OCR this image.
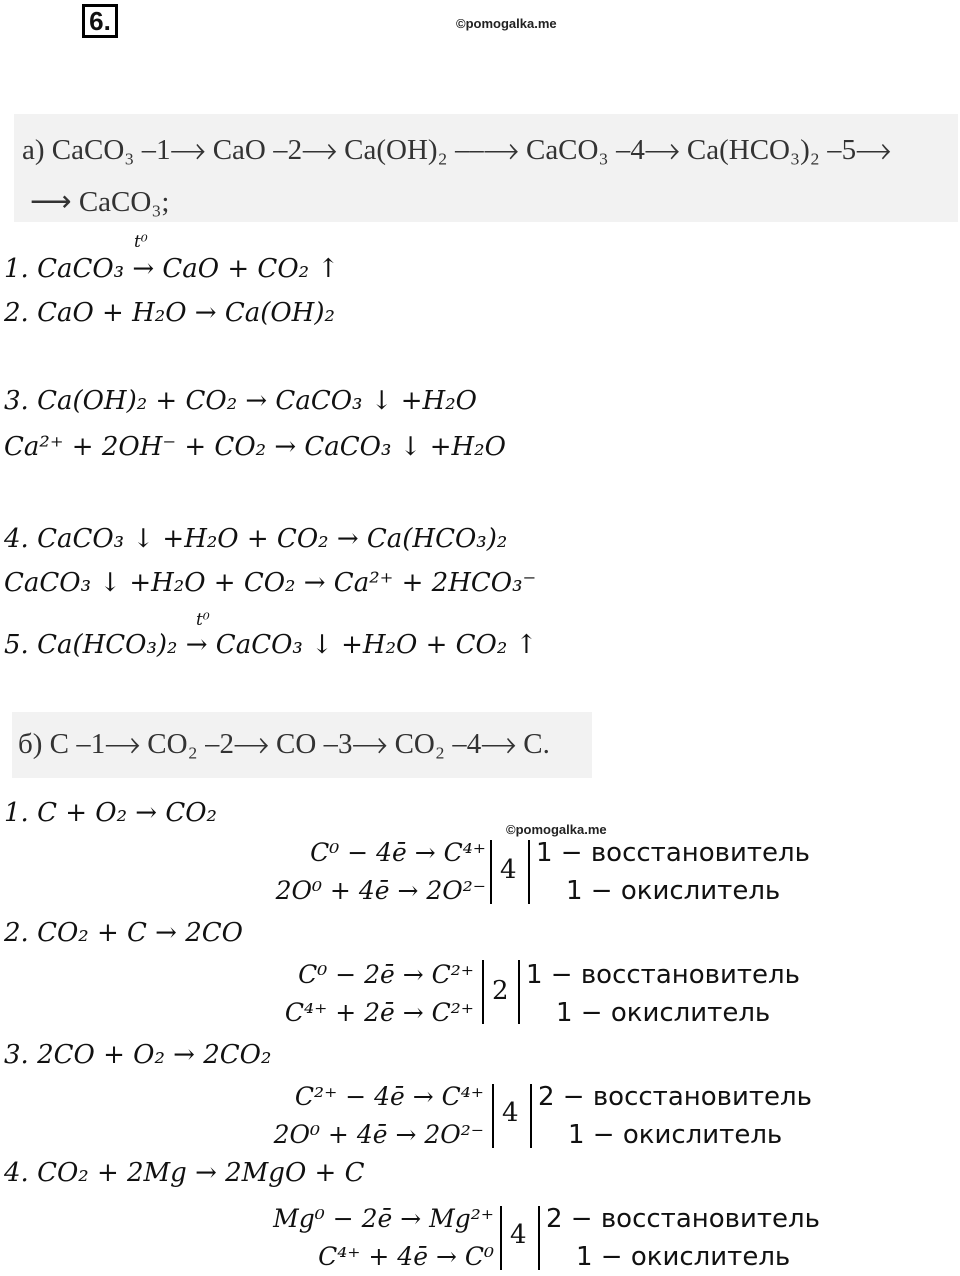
6.	©pomogalka.me
а) CaCO₃ ⎯1⟶ CaO ⎯2⟶ Ca(OH)₂ ⎯⎯⟶ CaCO₃ ⎯4⟶ Ca(HCO₃)₂ ⎯5⟶
⟶ CaCO₃;
t⁰
1. CaCO₃ → CaO + CO₂ ↑
2. CaO + H₂O → Ca(OH)₂
3. Ca(OH)₂ + CO₂ → CaCO₃ ↓ +H₂O
Ca²⁺ + 2OH⁻ + CO₂ → CaCO₃ ↓ +H₂O
4. CaCO₃ ↓ +H₂O + CO₂ → Ca(HCO₃)₂
CaCO₃ ↓ +H₂O + CO₂ → Ca²⁺ + 2HCO₃⁻
t⁰
5. Ca(HCO₃)₂ → CaCO₃ ↓ +H₂O + CO₂ ↑
б) C ⎯1⟶ CO₂ ⎯2⟶ CO ⎯3⟶ CO₂ ⎯4⟶ C.
1. C + O₂ → CO₂
©pomogalka.me
C⁰ − 4ē → C⁴⁺
2O⁰ + 4ē → 2O²⁻
4
1 − восстановитель
1 − окислитель
2. CO₂ + C → 2CO
C⁰ − 2ē → C²⁺
C⁴⁺ + 2ē → C²⁺
2
1 − восстановитель
1 − окислитель
3. 2CO + O₂ → 2CO₂
C²⁺ − 4ē → C⁴⁺
2O⁰ + 4ē → 2O²⁻
4
2 − восстановитель
1 − окислитель
4. CO₂ + 2Mg → 2MgO + C
Mg⁰ − 2ē → Mg²⁺
C⁴⁺ + 4ē → C⁰
4
2 − восстановитель
1 − окислитель
